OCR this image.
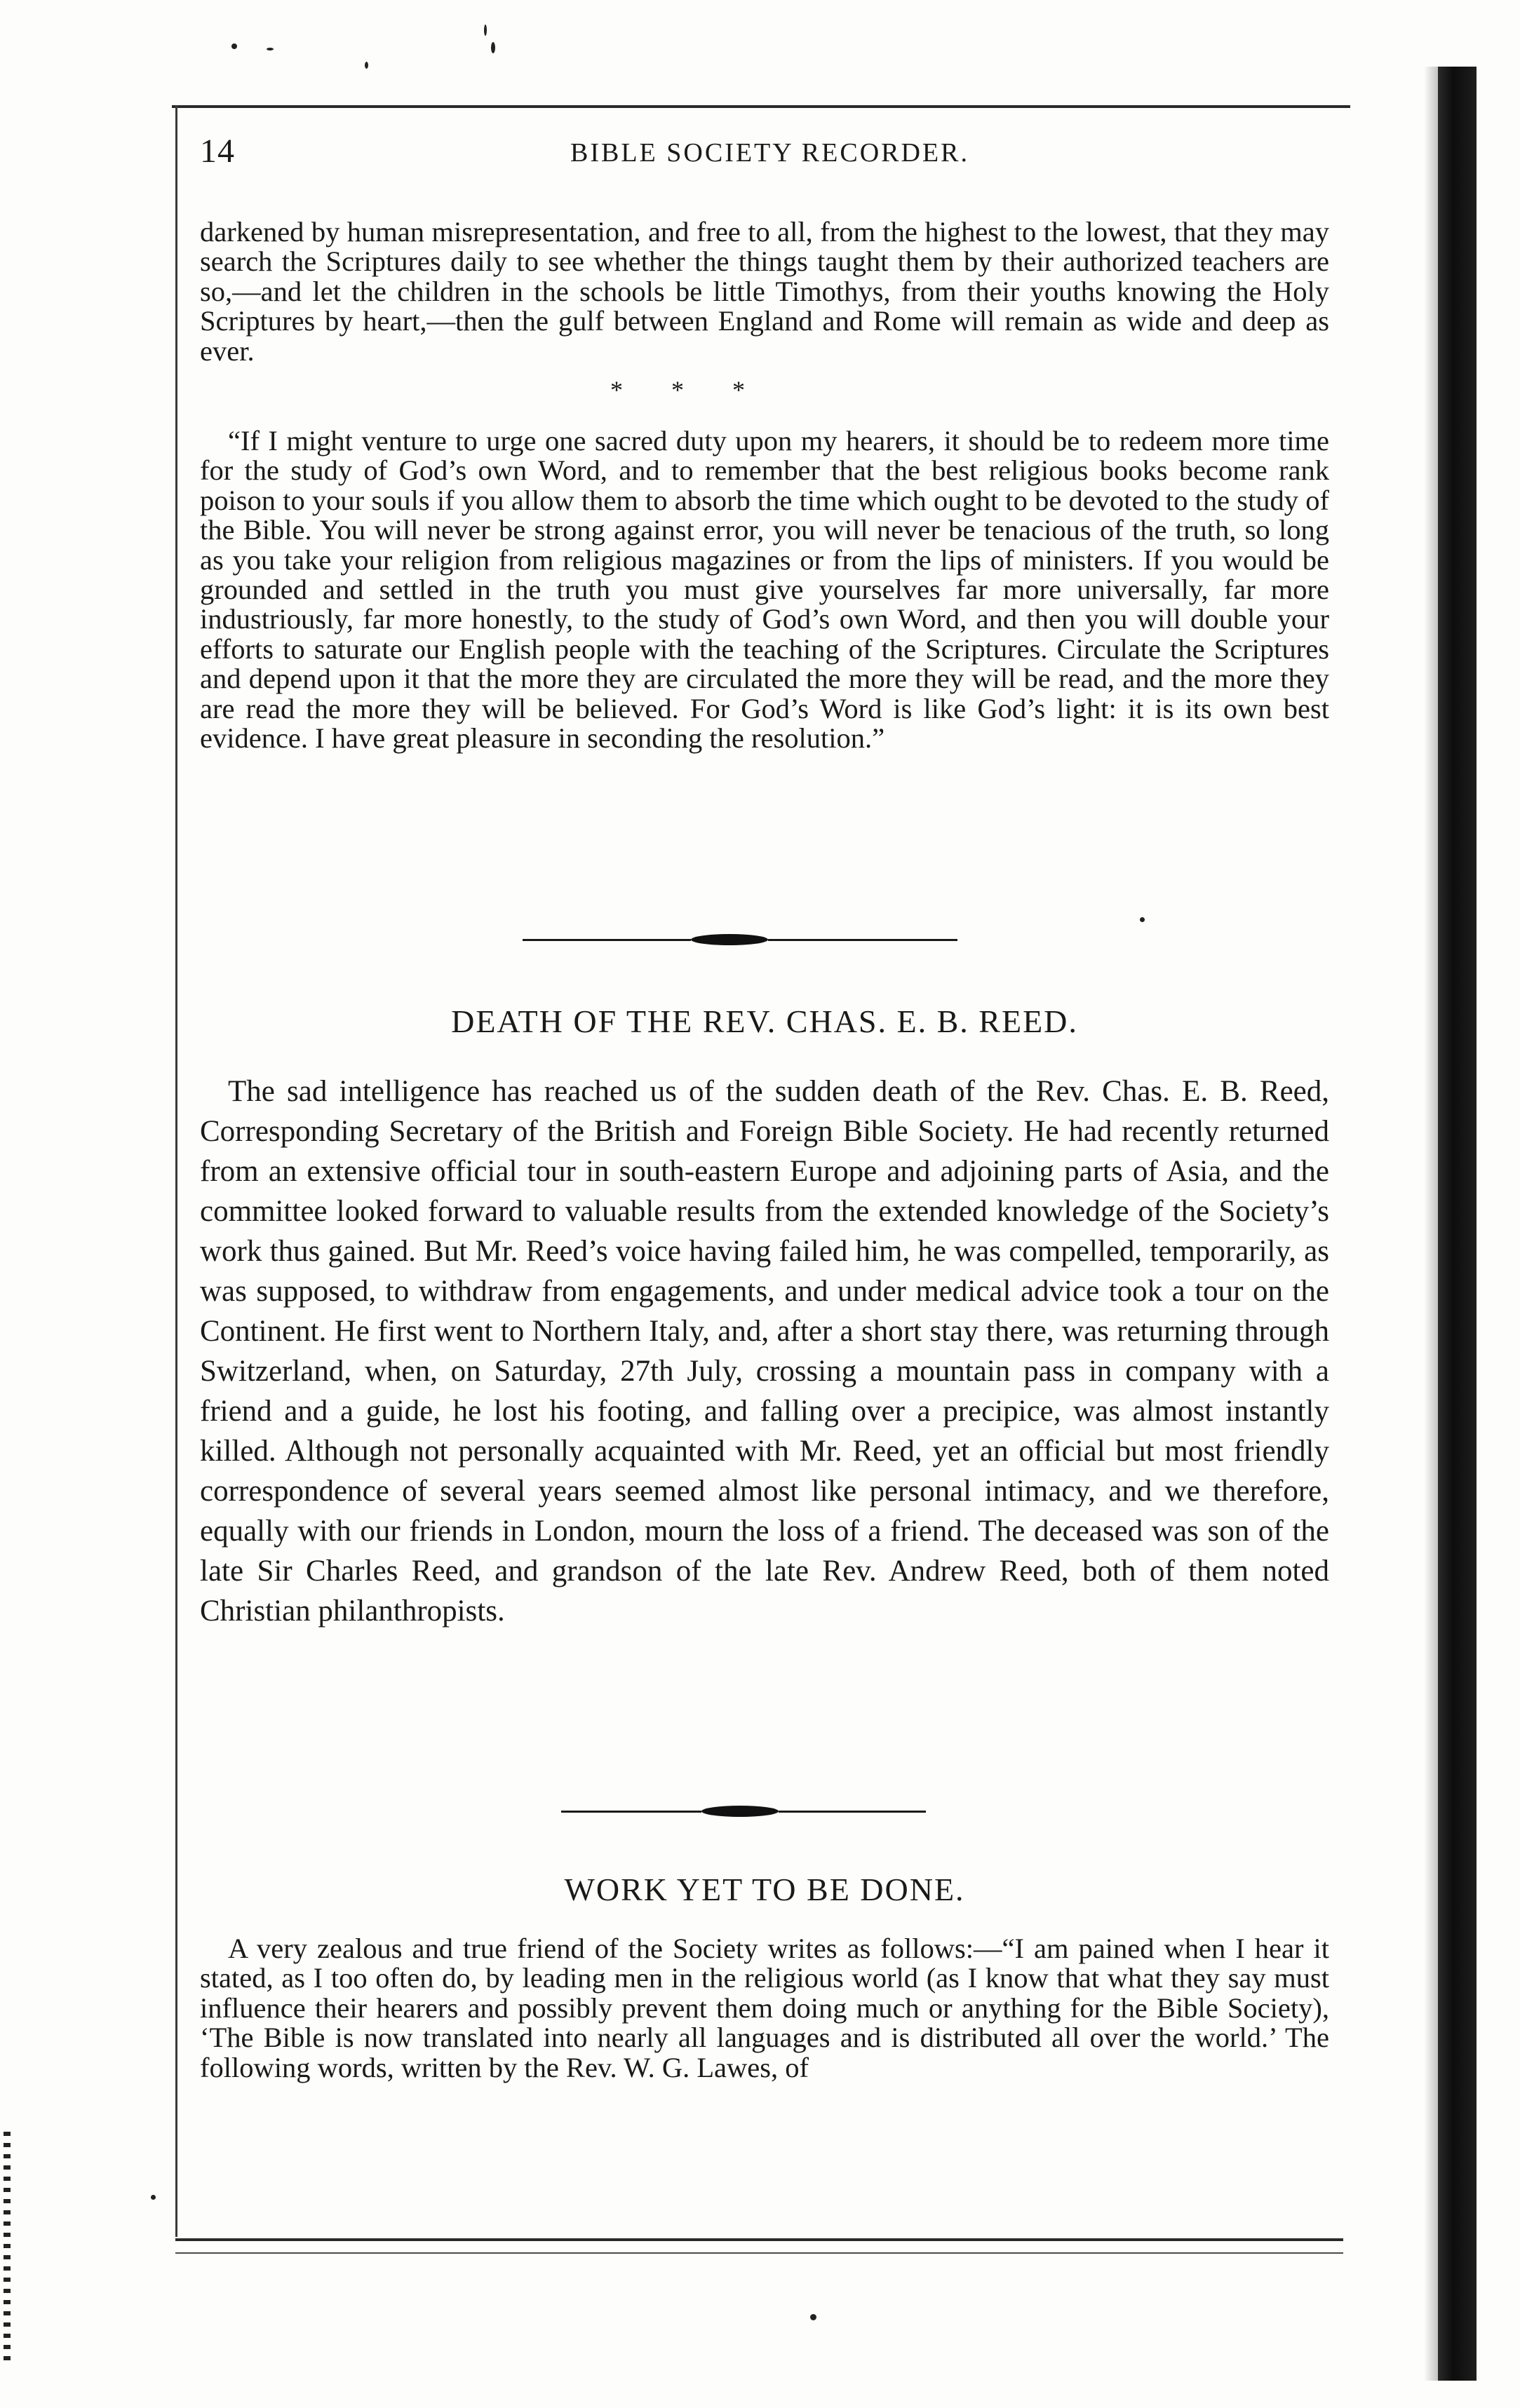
14	BIBLE SOCIETY RECORDER.

darkened by human misrepresentation, and free to all, from the highest to the lowest, that they may search the Scriptures daily to see whether the things taught them by their authorized teachers are so,—and let the children in the schools be little Timothys, from their youths knowing the Holy Scriptures by heart,—then the gulf between England and Rome will remain as wide and deep as ever.

* * *

“If I might venture to urge one sacred duty upon my hearers, it should be to redeem more time for the study of God’s own Word, and to remember that the best religious books become rank poison to your souls if you allow them to absorb the time which ought to be devoted to the study of the Bible. You will never be strong against error, you will never be tenacious of the truth, so long as you take your religion from religious magazines or from the lips of ministers. If you would be grounded and settled in the truth you must give yourselves far more universally, far more industriously, far more honestly, to the study of God’s own Word, and then you will double your efforts to saturate our English people with the teaching of the Scriptures. Circulate the Scriptures and depend upon it that the more they are circulated the more they will be read, and the more they are read the more they will be believed. For God’s Word is like God’s light: it is its own best evidence. I have great pleasure in seconding the resolution.”

DEATH OF THE REV. CHAS. E. B. REED.

The sad intelligence has reached us of the sudden death of the Rev. Chas. E. B. Reed, Corresponding Secretary of the British and Foreign Bible Society. He had recently returned from an extensive official tour in south-eastern Europe and adjoining parts of Asia, and the committee looked forward to valuable results from the extended knowledge of the Society’s work thus gained. But Mr. Reed’s voice having failed him, he was compelled, temporarily, as was supposed, to withdraw from engagements, and under medical advice took a tour on the Continent. He first went to Northern Italy, and, after a short stay there, was returning through Switzerland, when, on Saturday, 27th July, crossing a mountain pass in company with a friend and a guide, he lost his footing, and falling over a precipice, was almost instantly killed. Although not personally acquainted with Mr. Reed, yet an official but most friendly correspondence of several years seemed almost like personal intimacy, and we therefore, equally with our friends in London, mourn the loss of a friend. The deceased was son of the late Sir Charles Reed, and grandson of the late Rev. Andrew Reed, both of them noted Christian philanthropists.

WORK YET TO BE DONE.

A very zealous and true friend of the Society writes as follows:—“I am pained when I hear it stated, as I too often do, by leading men in the religious world (as I know that what they say must influence their hearers and possibly prevent them doing much or anything for the Bible Society), ‘The Bible is now translated into nearly all languages and is distributed all over the world.’ The following words, written by the Rev. W. G. Lawes, of
